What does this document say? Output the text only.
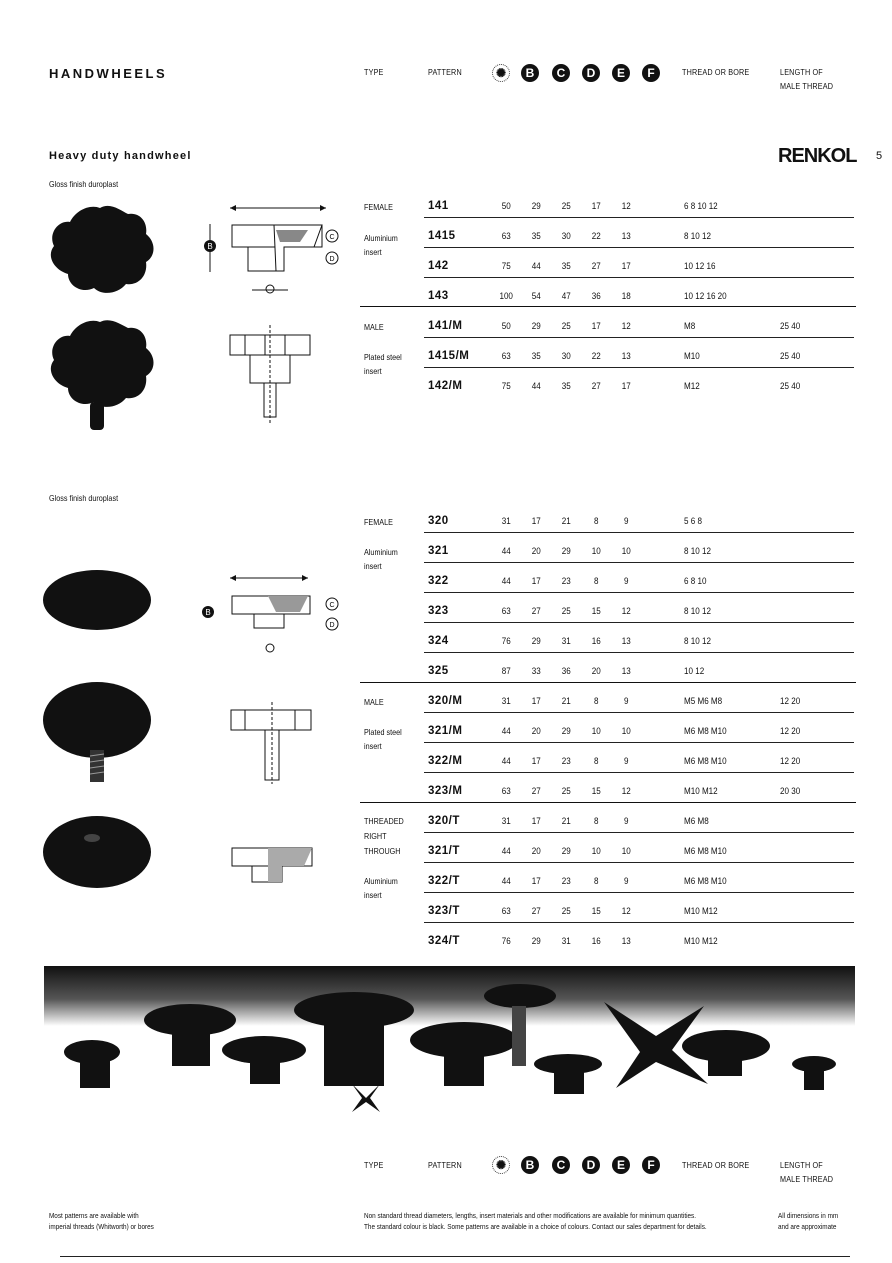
HANDWHEELS	TYPE	PATTERN	✺	B	C	D	E	F	THREAD OR BORE	LENGTH OF
MALE THREAD
Heavy duty handwheel	RENKOL 5
Gloss finish duroplast
Gloss finish duroplast
B
C
D
B
C
D
FEMALE
Aluminium
insert
141	50	29	25	17	12	6 8 10 12
1415	63	35	30	22	13	8 10 12
142	75	44	35	27	17	10 12 16
143	100	54	47	36	18	10 12 16 20
MALE
Plated steel
insert
141/M	50	29	25	17	12	M8	25 40
1415/M	63	35	30	22	13	M10	25 40
142/M	75	44	35	27	17	M12	25 40
FEMALE
Aluminium
insert
320	31	17	21	8	9	5 6 8
321	44	20	29	10	10	8 10 12
322	44	17	23	8	9	6 8 10
323	63	27	25	15	12	8 10 12
324	76	29	31	16	13	8 10 12
325	87	33	36	20	13	10 12
MALE
Plated steel
insert
320/M	31	17	21	8	9	M5 M6 M8	12 20
321/M	44	20	29	10	10	M6 M8 M10	12 20
322/M	44	17	23	8	9	M6 M8 M10	12 20
323/M	63	27	25	15	12	M10 M12	20 30
THREADED
RIGHT
THROUGH
Aluminium
insert
320/T	31	17	21	8	9	M6 M8
321/T	44	20	29	10	10	M6 M8 M10
322/T	44	17	23	8	9	M6 M8 M10
323/T	63	27	25	15	12	M10 M12
324/T	76	29	31	16	13	M10 M12
TYPE	PATTERN	✺	B	C	D	E	F	THREAD OR BORE	LENGTH OF
MALE THREAD
Most patterns are available with
imperial threads (Whitworth) or bores
Non standard thread diameters, lengths, insert materials and other modifications are available for minimum quantities.
The standard colour is black. Some patterns are available in a choice of colours. Contact our sales department for details.
All dimensions in mm
and are approximate
